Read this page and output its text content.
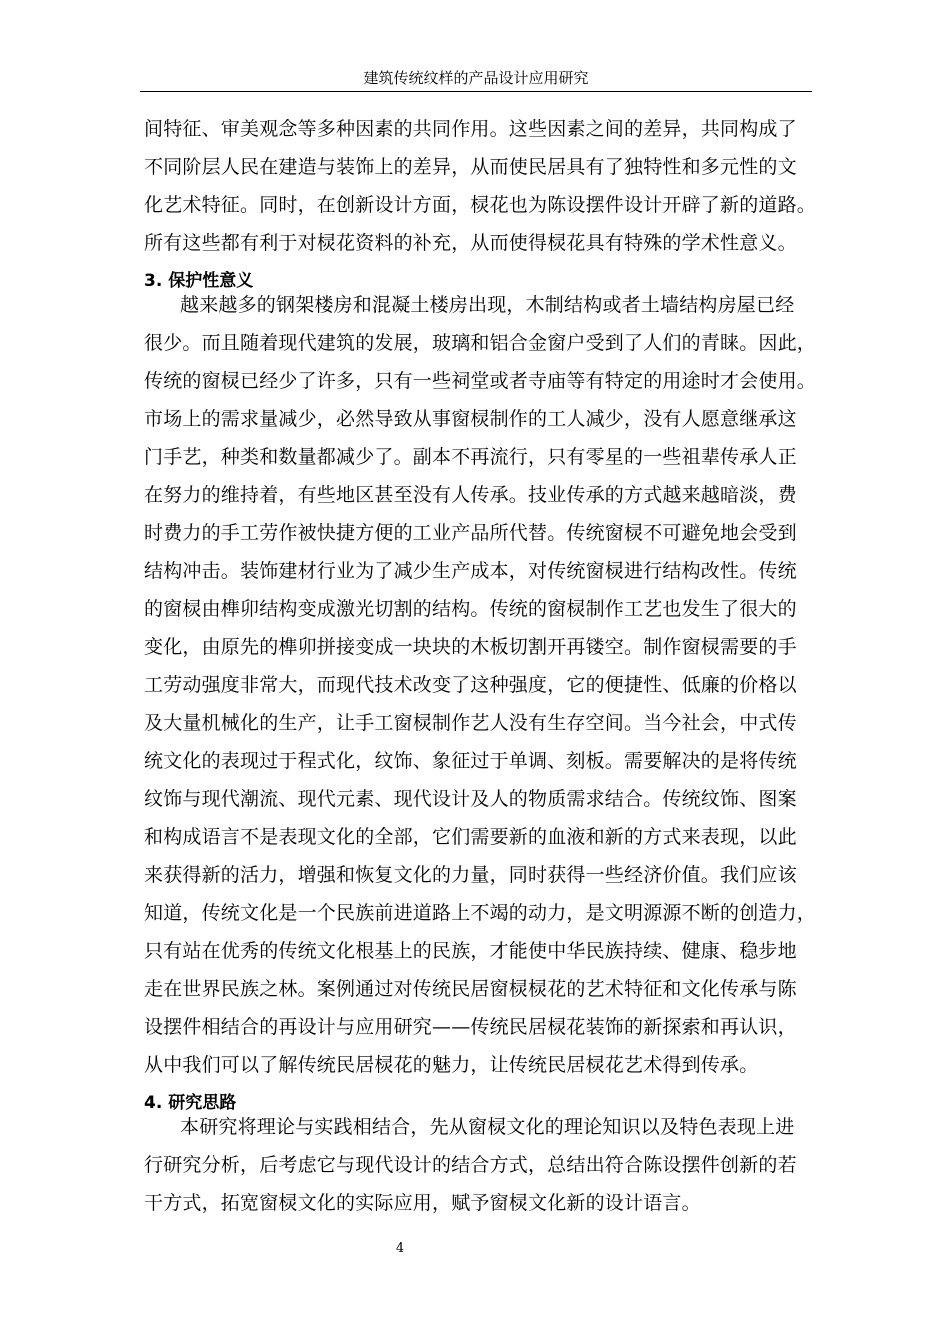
建筑传统纹样的产品设计应用研究
间特征、审美观念等多种因素的共同作用。这些因素之间的差异，共同构成了
不同阶层人民在建造与装饰上的差异，从而使民居具有了独特性和多元性的文
化艺术特征。同时，在创新设计方面，棂花也为陈设摆件设计开辟了新的道路。
所有这些都有利于对棂花资料的补充，从而使得棂花具有特殊的学术性意义。
3. 保护性意义
越来越多的钢架楼房和混凝土楼房出现，木制结构或者土墙结构房屋已经
很少。而且随着现代建筑的发展，玻璃和铝合金窗户受到了人们的青睐。因此，
传统的窗棂已经少了许多，只有一些祠堂或者寺庙等有特定的用途时才会使用。
市场上的需求量减少，必然导致从事窗棂制作的工人减少，没有人愿意继承这
门手艺，种类和数量都减少了。副本不再流行，只有零星的一些祖辈传承人正
在努力的维持着，有些地区甚至没有人传承。技业传承的方式越来越暗淡，费
时费力的手工劳作被快捷方便的工业产品所代替。传统窗棂不可避免地会受到
结构冲击。装饰建材行业为了减少生产成本，对传统窗棂进行结构改性。传统
的窗棂由榫卯结构变成激光切割的结构。传统的窗棂制作工艺也发生了很大的
变化，由原先的榫卯拼接变成一块块的木板切割开再镂空。制作窗棂需要的手
工劳动强度非常大，而现代技术改变了这种强度，它的便捷性、低廉的价格以
及大量机械化的生产，让手工窗棂制作艺人没有生存空间。当今社会，中式传
统文化的表现过于程式化，纹饰、象征过于单调、刻板。需要解决的是将传统
纹饰与现代潮流、现代元素、现代设计及人的物质需求结合。传统纹饰、图案
和构成语言不是表现文化的全部，它们需要新的血液和新的方式来表现，以此
来获得新的活力，增强和恢复文化的力量，同时获得一些经济价值。我们应该
知道，传统文化是一个民族前进道路上不竭的动力，是文明源源不断的创造力，
只有站在优秀的传统文化根基上的民族，才能使中华民族持续、健康、稳步地
走在世界民族之林。案例通过对传统民居窗棂棂花的艺术特征和文化传承与陈
设摆件相结合的再设计与应用研究——传统民居棂花装饰的新探索和再认识，
从中我们可以了解传统民居棂花的魅力，让传统民居棂花艺术得到传承。
4. 研究思路
本研究将理论与实践相结合，先从窗棂文化的理论知识以及特色表现上进
行研究分析，后考虑它与现代设计的结合方式，总结出符合陈设摆件创新的若
干方式，拓宽窗棂文化的实际应用，赋予窗棂文化新的设计语言。
4
